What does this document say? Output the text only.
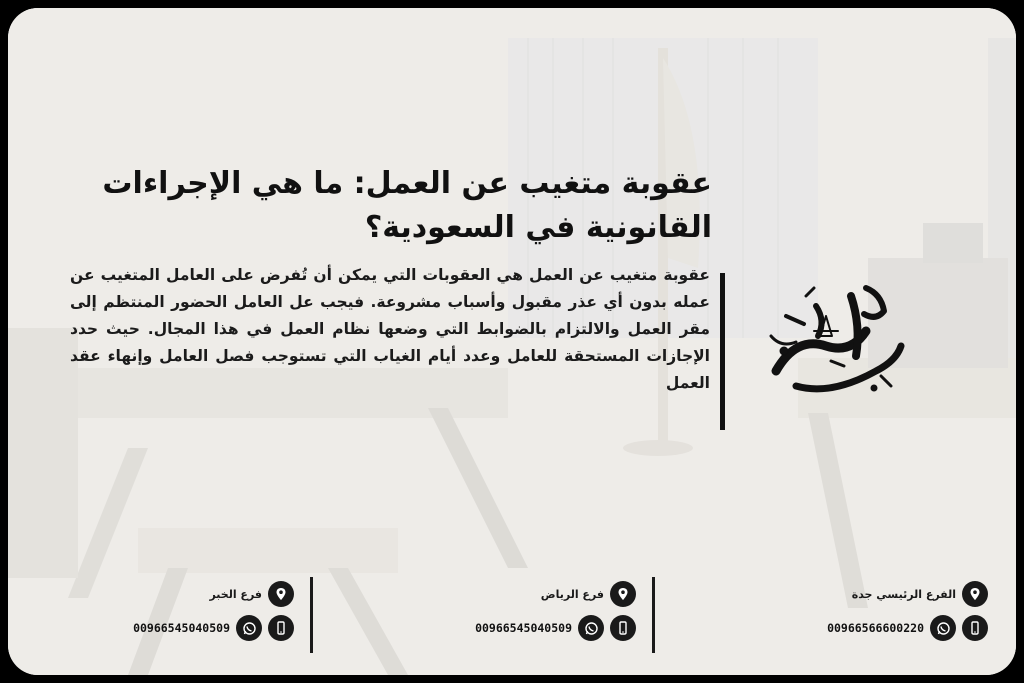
عقوبة متغيب عن العمل: ما هي الإجراءات القانونية في السعودية؟
عقوبة متغيب عن العمل هي العقوبات التي يمكن أن تُفرض على العامل المتغيب عن عمله بدون أي عذر مقبول وأسباب مشروعة. فيجب عل العامل الحضور المنتظم إلى مقر العمل والالتزام بالضوابط التي وضعها نظام العمل في هذا المجال. حيث حدد الإجازات المستحقة للعامل وعدد أيام الغياب التي تستوجب فصل العامل وإنهاء عقد العمل
الفرع الرئيسي جدة
00966566600220
فرع الرياض
00966545040509
فرع الخبر
00966545040509
